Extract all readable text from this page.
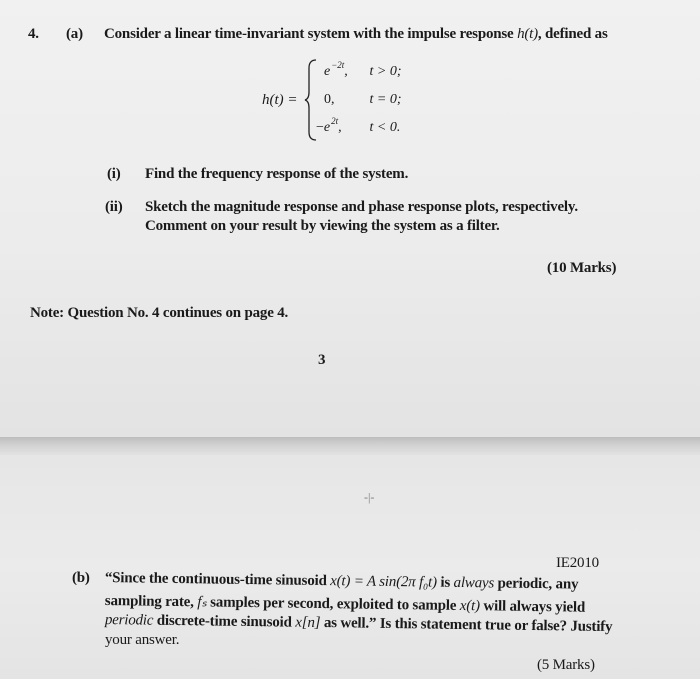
4. (a) Consider a linear time-invariant system with the impulse response h(t), defined as
h(t) =
$e^{-2t}$, t > 0;
0,	t = 0;
$-e^{2t}$, t < 0.
(i) Find the frequency response of the system.
(ii) Sketch the magnitude response and phase response plots, respectively.
Comment on your result by viewing the system as a filter.
(10 Marks)
Note: Question No. 4 continues on page 4.
3
-|-
IE2010
(b) “Since the continuous-time sinusoid x(t) = A sin(2π f₀t) is always periodic, any
sampling rate, fₛ samples per second, exploited to sample x(t) will always yield
periodic discrete-time sinusoid x[n] as well.” Is this statement true or false? Justify
your answer.
(5 Marks)
